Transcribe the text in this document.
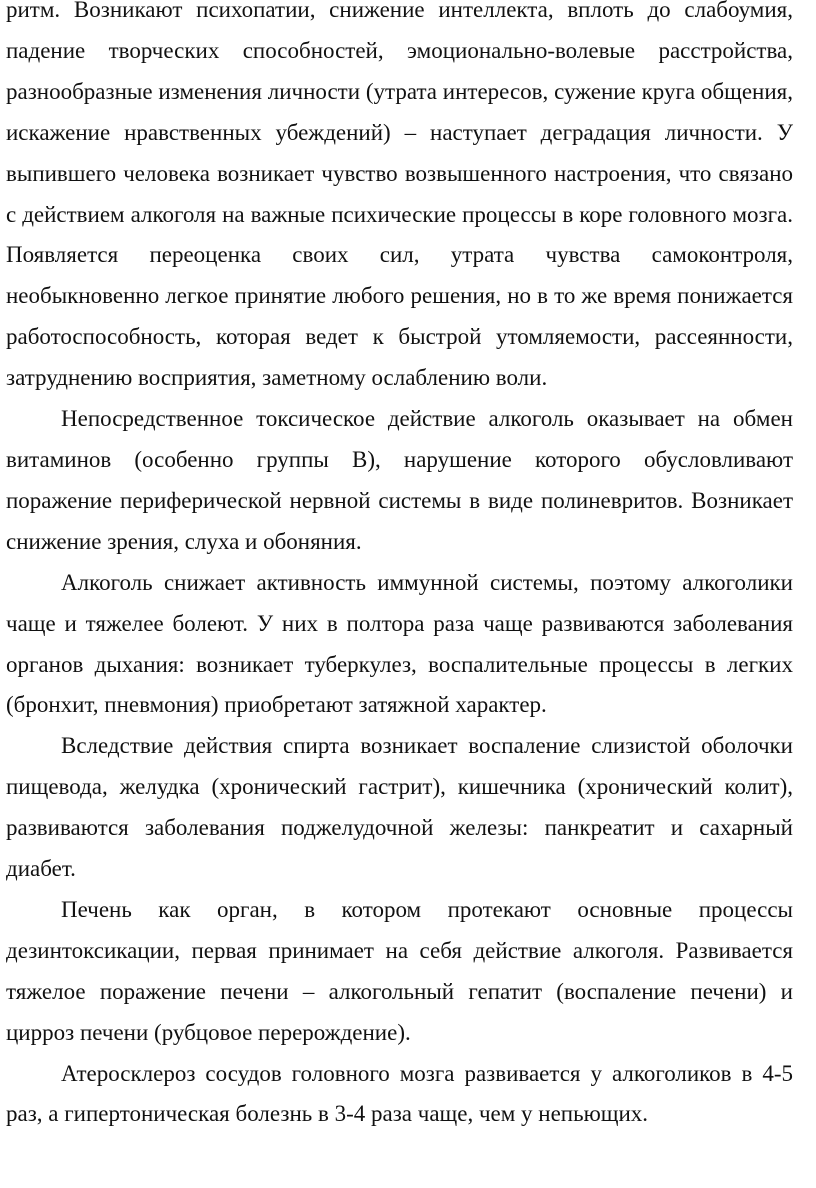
ритм. Возникают психопатии, снижение интеллекта, вплоть до слабоумия, падение творческих способностей, эмоционально-волевые расстройства, разнообразные изменения личности (утрата интересов, сужение круга общения, искажение нравственных убеждений) – наступает деградация личности. У выпившего человека возникает чувство возвышенного настроения, что связано с действием алкоголя на важные психические процессы в коре головного мозга. Появляется переоценка своих сил, утрата чувства самоконтроля, необыкновенно легкое принятие любого решения, но в то же время понижается работоспособность, которая ведет к быстрой утомляемости, рассеянности, затруднению восприятия, заметному ослаблению воли.

Непосредственное токсическое действие алкоголь оказывает на обмен витаминов (особенно группы В), нарушение которого обусловливают поражение периферической нервной системы в виде полиневритов. Возникает снижение зрения, слуха и обоняния.

Алкоголь снижает активность иммунной системы, поэтому алкоголики чаще и тяжелее болеют. У них в полтора раза чаще развиваются заболевания органов дыхания: возникает туберкулез, воспалительные процессы в легких (бронхит, пневмония) приобретают затяжной характер.

Вследствие действия спирта возникает воспаление слизистой оболочки пищевода, желудка (хронический гастрит), кишечника (хронический колит), развиваются заболевания поджелудочной железы: панкреатит и сахарный диабет.

Печень как орган, в котором протекают основные процессы дезинтоксикации, первая принимает на себя действие алкоголя. Развивается тяжелое поражение печени – алкогольный гепатит (воспаление печени) и цирроз печени (рубцовое перерождение).

Атеросклероз сосудов головного мозга развивается у алкоголиков в 4-5 раз, а гипертоническая болезнь в 3-4 раза чаще, чем у непьющих.
